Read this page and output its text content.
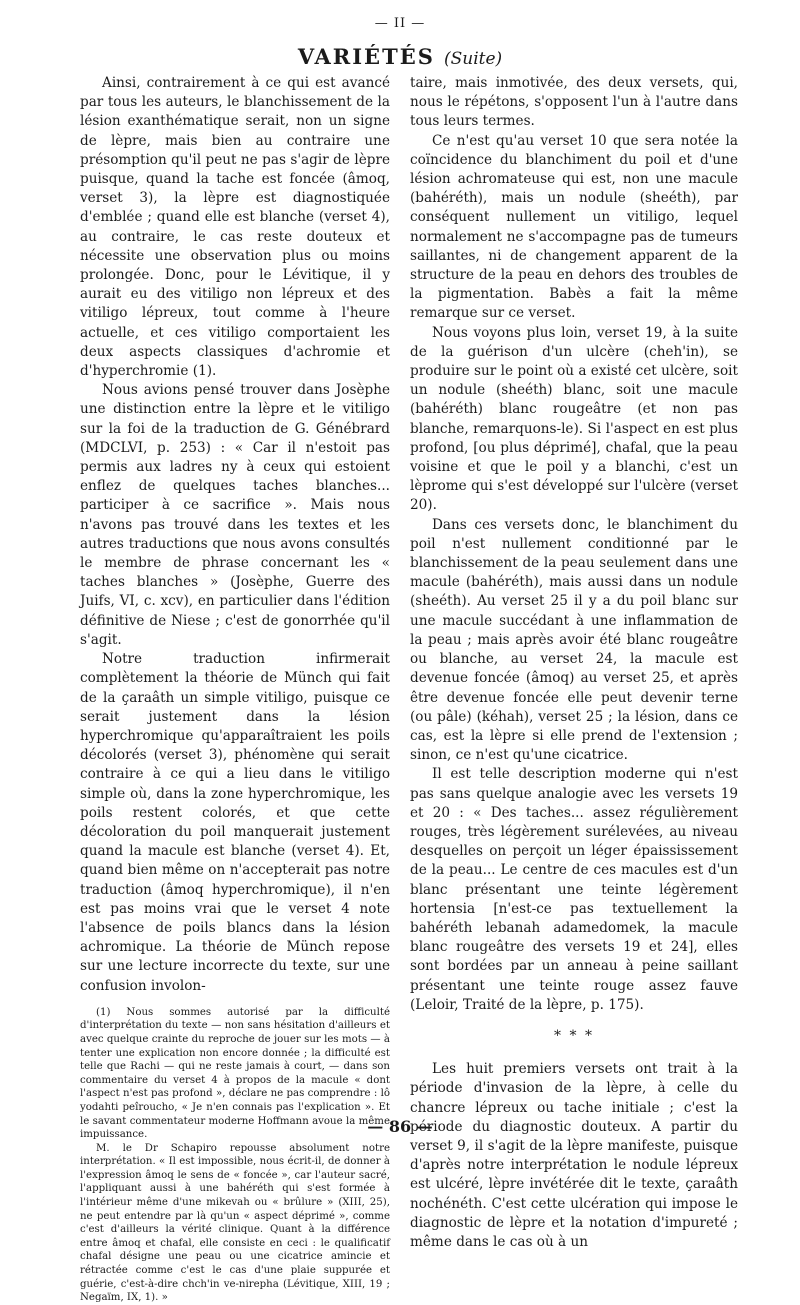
— II —
VARIÉTÉS (Suite)

Ainsi, contrairement à ce qui est avancé par tous les auteurs, le blanchissement de la lésion exanthématique serait, non un signe de lèpre, mais bien au contraire une présomption qu'il peut ne pas s'agir de lèpre puisque, quand la tache est foncée (âmoq, verset 3), la lèpre est diagnostiquée d'emblée ; quand elle est blanche (verset 4), au contraire, le cas reste douteux et nécessite une observation plus ou moins prolongée. Donc, pour le Lévitique, il y aurait eu des vitiligo non lépreux et des vitiligo lépreux, tout comme à l'heure actuelle, et ces vitiligo comportaient les deux aspects classiques d'achromie et d'hyperchromie (1).

Nous avions pensé trouver dans Josèphe une distinction entre la lèpre et le vitiligo sur la foi de la traduction de G. Génébrard (MDCLVI, p. 253) : « Car il n'estoit pas permis aux ladres ny à ceux qui estoient enflez de quelques taches blanches... participer à ce sacrifice ». Mais nous n'avons pas trouvé dans les textes et les autres traductions que nous avons consultés le membre de phrase concernant les « taches blanches » (Josèphe, Guerre des Juifs, VI, c. xcv), en particulier dans l'édition définitive de Niese ; c'est de gonorrhée qu'il s'agit.

Notre traduction infirmerait complètement la théorie de Münch qui fait de la çaraâth un simple vitiligo, puisque ce serait justement dans la lésion hyperchromique qu'apparaîtraient les poils décolorés (verset 3), phénomène qui serait contraire à ce qui a lieu dans le vitiligo simple où, dans la zone hyperchromique, les poils restent colorés, et que cette décoloration du poil manquerait justement quand la macule est blanche (verset 4). Et, quand bien même on n'accepterait pas notre traduction (âmoq hyperchromique), il n'en est pas moins vrai que le verset 4 note l'absence de poils blancs dans la lésion achromique. La théorie de Münch repose sur une lecture incorrecte du texte, sur une confusion involon-

(1) Nous sommes autorisé par la difficulté d'interprétation du texte — non sans hésitation d'ailleurs et avec quelque crainte du reproche de jouer sur les mots — à tenter une explication non encore donnée ; la difficulté est telle que Rachi — qui ne reste jamais à court, — dans son commentaire du verset 4 à propos de la macule « dont l'aspect n'est pas profond », déclare ne pas comprendre : lô yodahti peîroucho, « Je n'en connais pas l'explication ». Et le savant commentateur moderne Hoffmann avoue la même impuissance.

M. le Dr Schapiro repousse absolument notre interprétation. « Il est impossible, nous écrit-il, de donner à l'expression âmoq le sens de « foncée », car l'auteur sacré, l'appliquant aussi à une bahéréth qui s'est formée à l'intérieur même d'une mikevah ou « brûlure » (XIII, 25), ne peut entendre par là qu'un « aspect déprimé », comme c'est d'ailleurs la vérité clinique. Quant à la différence entre âmoq et chafal, elle consiste en ceci : le qualificatif chafal désigne une peau ou une cicatrice amincie et rétractée comme c'est le cas d'une plaie suppurée et guérie, c'est-à-dire chch'in ve-nirepha (Lévitique, XIII, 19 ; Negaïm, IX, 1). »

taire, mais inmotivée, des deux versets, qui, nous le répétons, s'opposent l'un à l'autre dans tous leurs termes.

Ce n'est qu'au verset 10 que sera notée la coïncidence du blanchiment du poil et d'une lésion achromateuse qui est, non une macule (bahéréth), mais un nodule (sheéth), par conséquent nullement un vitiligo, lequel normalement ne s'accompagne pas de tumeurs saillantes, ni de changement apparent de la structure de la peau en dehors des troubles de la pigmentation. Babès a fait la même remarque sur ce verset.

Nous voyons plus loin, verset 19, à la suite de la guérison d'un ulcère (cheh'in), se produire sur le point où a existé cet ulcère, soit un nodule (sheéth) blanc, soit une macule (bahéréth) blanc rougeâtre (et non pas blanche, remarquons-le). Si l'aspect en est plus profond, [ou plus déprimé], chafal, que la peau voisine et que le poil y a blanchi, c'est un lèprome qui s'est développé sur l'ulcère (verset 20).

Dans ces versets donc, le blanchiment du poil n'est nullement conditionné par le blanchissement de la peau seulement dans une macule (bahéréth), mais aussi dans un nodule (sheéth). Au verset 25 il y a du poil blanc sur une macule succédant à une inflammation de la peau ; mais après avoir été blanc rougeâtre ou blanche, au verset 24, la macule est devenue foncée (âmoq) au verset 25, et après être devenue foncée elle peut devenir terne (ou pâle) (kéhah), verset 25 ; la lésion, dans ce cas, est la lèpre si elle prend de l'extension ; sinon, ce n'est qu'une cicatrice.

Il est telle description moderne qui n'est pas sans quelque analogie avec les versets 19 et 20 : « Des taches... assez régulièrement rouges, très légèrement surélevées, au niveau desquelles on perçoit un léger épaississement de la peau... Le centre de ces macules est d'un blanc présentant une teinte légèrement hortensia [n'est-ce pas textuellement la bahéréth lebanah adamedomek, la macule blanc rougeâtre des versets 19 et 24], elles sont bordées par un anneau à peine saillant présentant une teinte rouge assez fauve (Leloir, Traité de la lèpre, p. 175).

* * *

Les huit premiers versets ont trait à la période d'invasion de la lèpre, à celle du chancre lépreux ou tache initiale ; c'est la période du diagnostic douteux. A partir du verset 9, il s'agit de la lèpre manifeste, puisque d'après notre interprétation le nodule lépreux est ulcéré, lèpre invétérée dit le texte, çaraâth nochénéth. C'est cette ulcération qui impose le diagnostic de lèpre et la notation d'impureté ; même dans le cas où à un

— 86 —
